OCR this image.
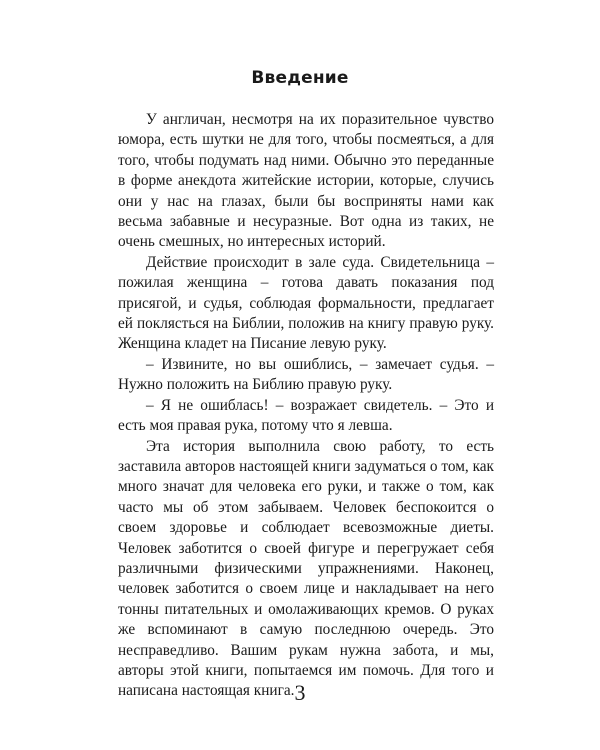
Введение

У англичан, несмотря на их поразительное чувство юмора, есть шутки не для того, чтобы посмеяться, а для того, чтобы подумать над ними. Обычно это переданные в форме анекдота житейские истории, которые, случись они у нас на глазах, были бы восприняты нами как весьма забавные и несуразные. Вот одна из таких, не очень смешных, но интересных историй.

Действие происходит в зале суда. Свидетельница – пожилая женщина – готова давать показания под присягой, и судья, соблюдая формальности, предлагает ей поклясться на Библии, положив на книгу правую руку. Женщина кладет на Писание левую руку.

– Извините, но вы ошиблись, – замечает судья. – Нужно положить на Библию правую руку.

– Я не ошиблась! – возражает свидетель. – Это и есть моя правая рука, потому что я левша.

Эта история выполнила свою работу, то есть заставила авторов настоящей книги задуматься о том, как много значат для человека его руки, и также о том, как часто мы об этом забываем. Человек беспокоится о своем здоровье и соблюдает всевозможные диеты. Человек заботится о своей фигуре и перегружает себя различными физическими упражнениями. Наконец, человек заботится о своем лице и накладывает на него тонны питательных и омолаживающих кремов. О руках же вспоминают в самую последнюю очередь. Это несправедливо. Вашим рукам нужна забота, и мы, авторы этой книги, попытаемся им помочь. Для того и написана настоящая книга. 3
